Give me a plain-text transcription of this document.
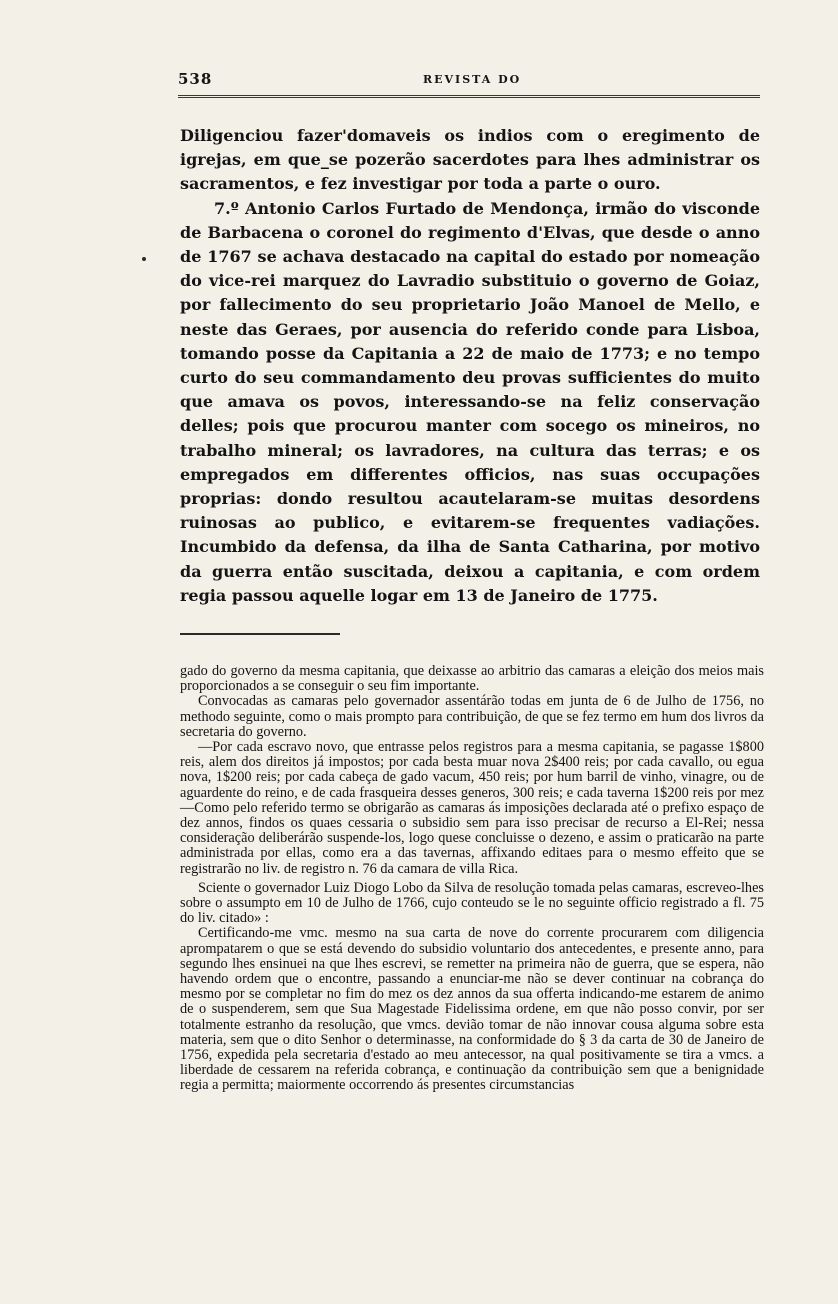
538	REVISTA DO

Diligenciou fazer'domaveis os indios com o eregimento de igrejas, em que_se pozerão sacerdotes para lhes administrar os sacramentos, e fez investigar por toda a parte o ouro.

7.º Antonio Carlos Furtado de Mendonça, irmão do visconde de Barbacena o coronel do regimento d'Elvas, que desde o anno de 1767 se achava destacado na capital do estado por nomeação do vice-rei marquez do Lavradio substituio o governo de Goiaz, por fallecimento do seu proprietario João Manoel de Mello, e neste das Geraes, por ausencia do referido conde para Lisboa, tomando posse da Capitania a 22 de maio de 1773; e no tempo curto do seu commandamento deu provas sufficientes do muito que amava os povos, interessando-se na feliz conservação delles; pois que procurou manter com socego os mineiros, no trabalho mineral; os lavradores, na cultura das terras; e os empregados em differentes officios, nas suas occupações proprias: dondo resultou acautelaram-se muitas desordens ruinosas ao publico, e evitarem-se frequentes vadiações. Incumbido da defensa, da ilha de Santa Catharina, por motivo da guerra então suscitada, deixou a capitania, e com ordem regia passou aquelle logar em 13 de Janeiro de 1775.

gado do governo da mesma capitania, que deixasse ao arbitrio das camaras a eleição dos meios mais proporcionados a se conseguir o seu fim importante.

Convocadas as camaras pelo governador assentárão todas em junta de 6 de Julho de 1756, no methodo seguinte, como o mais prompto para contribuição, de que se fez termo em hum dos livros da secretaria do governo.

—Por cada escravo novo, que entrasse pelos registros para a mesma capitania, se pagasse 1$800 reis, alem dos direitos já impostos; por cada besta muar nova 2$400 reis; por cada cavallo, ou egua nova, 1$200 reis; por cada cabeça de gado vacum, 450 reis; por hum barril de vinho, vinagre, ou de aguardente do reino, e de cada frasqueira desses generos, 300 reis; e cada taverna 1$200 reis por mez—Como pelo referido termo se obrigarão as camaras ás imposições declarada até o prefixo espaço de dez annos, findos os quaes cessaria o subsidio sem para isso precisar de recurso a El-Rei; nessa consideração deliberárão suspende-los, logo quese concluisse o dezeno, e assim o praticarão na parte administrada por ellas, como era a das tavernas, affixando editaes para o mesmo effeito que se registrarão no liv. de registro n. 76 da camara de villa Rica.

Sciente o governador Luiz Diogo Lobo da Silva de resolução tomada pelas camaras, escreveo-lhes sobre o assumpto em 10 de Julho de 1766, cujo conteudo se le no seguinte officio registrado a fl. 75 do liv. citado» :

Certificando-me vmc. mesmo na sua carta de nove do corrente procurarem com diligencia aprompatarem o que se está devendo do subsidio voluntario dos antecedentes, e presente anno, para segundo lhes ensinuei na que lhes escrevi, se remetter na primeira não de guerra, que se espera, não havendo ordem que o encontre, passando a enunciar-me não se dever continuar na cobrança do mesmo por se completar no fim do mez os dez annos da sua offerta indicando-me estarem de animo de o suspenderem, sem que Sua Magestade Fidelissima ordene, em que não posso convir, por ser totalmente estranho da resolução, que vmcs. devião tomar de não innovar cousa alguma sobre esta materia, sem que o dito Senhor o determinasse, na conformidade do § 3 da carta de 30 de Janeiro de 1756, expedida pela secretaria d'estado ao meu antecessor, na qual positivamente se tira a vmcs. a liberdade de cessarem na referida cobrança, e continuação da contribuição sem que a benignidade regia a permitta; maiormente occorrendo ás presentes circumstancias
